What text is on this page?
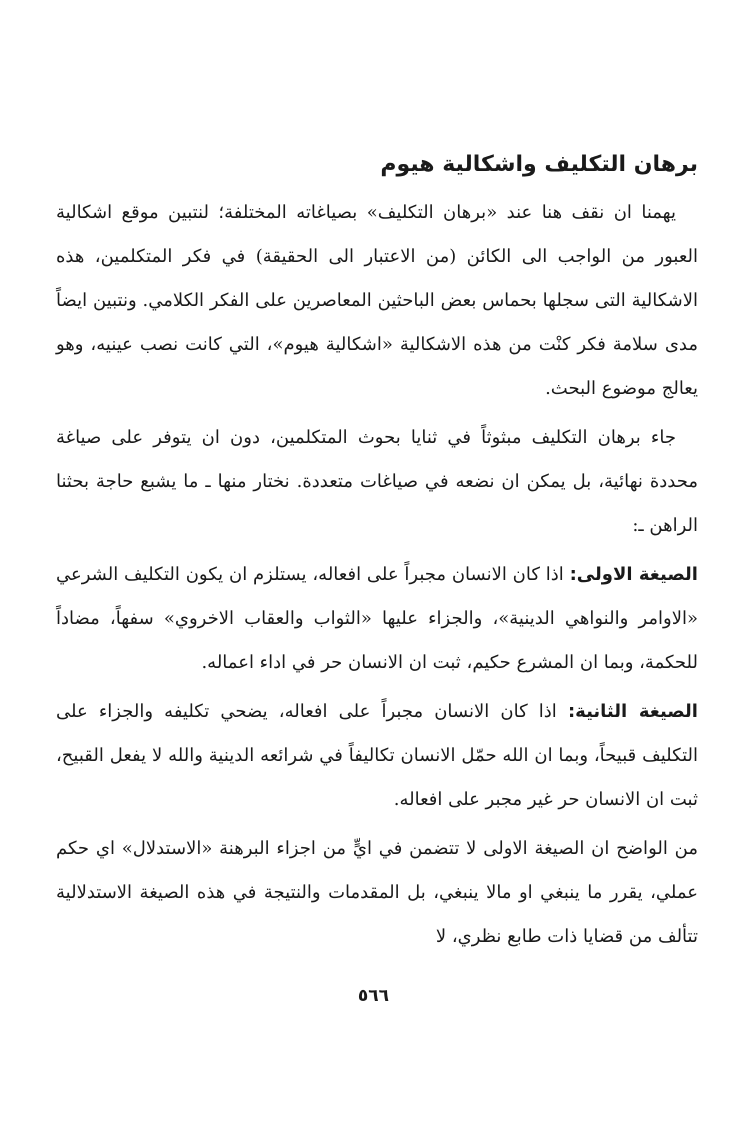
برهان التكليف واشكالية هيوم

يهمنا ان نقف هنا عند «برهان التكليف» بصياغاته المختلفة؛ لنتبين موقع اشكالية العبور من الواجب الى الكائن (من الاعتبار الى الحقيقة) في فكر المتكلمين، هذه الاشكالية التى سجلها بحماس بعض الباحثين المعاصرين على الفكر الكلامي. ونتبين ايضاً مدى سلامة فكر كنْت من هذه الاشكالية «اشكالية هيوم»، التي كانت نصب عينيه، وهو يعالج موضوع البحث.

جاء برهان التكليف مبثوثاً في ثنايا بحوث المتكلمين، دون ان يتوفر على صياغة محددة نهائية، بل يمكن ان نضعه في صياغات متعددة. نختار منها ـ ما يشبع حاجة بحثنا الراهن ـ:

الصيغة الاولى: اذا كان الانسان مجبراً على افعاله، يستلزم ان يكون التكليف الشرعي «الاوامر والنواهي الدينية»، والجزاء عليها «الثواب والعقاب الاخروي» سفهاً، مضاداً للحكمة، وبما ان المشرع حكيم، ثبت ان الانسان حر في اداء اعماله.

الصيغة الثانية: اذا كان الانسان مجبراً على افعاله، يضحي تكليفه والجزاء على التكليف قبيحاً، وبما ان الله حمّل الانسان تكاليفاً في شرائعه الدينية والله لا يفعل القبيح، ثبت ان الانسان حر غير مجبر على افعاله.

من الواضح ان الصيغة الاولى لا تتضمن في ايٍّ من اجزاء البرهنة «الاستدلال» اي حكم عملي، يقرر ما ينبغي او مالا ينبغي، بل المقدمات والنتيجة في هذه الصيغة الاستدلالية تتألف من قضايا ذات طابع نظري، لا

٥٦٦
